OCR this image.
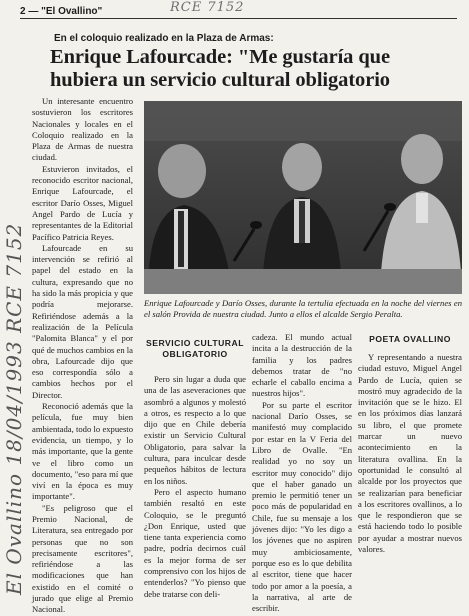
2 — "El Ovallino"	RCE 7152
El Ovallino 18/04/1993 RCE 7152
En el coloquio realizado en la Plaza de Armas:
Enrique Lafourcade: "Me gustaría que hubiera un servicio cultural obligatorio

Un interesante encuentro sostuvieron los escritores Nacionales y locales en el Coloquio realizado en la Plaza de Armas de nuestra ciudad.

Estuvieron invitados, el reconocido escritor nacional, Enrique Lafourcade, el escritor Darío Osses, Miguel Angel Pardo de Lucía y representantes de la Editorial Pacífico Patricia Reyes.

Lafourcade en su intervención se refirió al papel del estado en la cultura, expresando que no ha sido la más propicia y que podría mejorarse. Refiriéndose además a la realización de la Película "Palomita Blanca" y el por qué de muchos cambios en la obra, Lafourcade dijo que eso correspondía sólo a cambios hechos por el Director.

Reconoció además que la película, fue muy bien ambientada, todo lo expuesto evidencia, un tiempo, y lo más importante, que la gente ve el libro como un documento, "eso para mí que viví en la época es muy importante".

"Es peligroso que el Premio Nacional, de Literatura, sea entregado por personas que no son precisamente escritores", refiriéndose a las modificaciones que han existido en el comité o jurado que elige al Premio Nacional.

Enrique Lafourcade y Darío Osses, durante la tertulia efectuada en la noche del viernes en el salón Provida de nuestra ciudad. Junto a ellos el alcalde Sergio Peralta.
SERVICIO CULTURAL OBLIGATORIO

Pero sin lugar a duda que una de las aseveraciones que asombró a algunos y molestó a otros, es respecto a lo que dijo que en Chile debería existir un Servicio Cultural Obligatorio, para salvar la cultura, para inculcar desde pequeños hábitos de lectura en los niños.

Pero el aspecto humano también resaltó en este Coloquio, se le preguntó ¿Don Enrique, usted que tiene tanta experiencia como padre, podría decirnos cuál es la mejor forma de ser comprensivo con los hijos de entenderlos? "Yo pienso que debe tratarse con deli-

cadeza. El mundo actual incita a la destrucción de la familia y los padres debemos tratar de "no echarle el caballo encima a nuestros hijos".

Por su parte el escritor nacional Darío Osses, se manifestó muy complacido por estar en la V Feria del Libro de Ovalle. "En realidad yo no soy un escritor muy conocido" dijo que el haber ganado un premio le permitió tener un poco más de popularidad en Chile, fue su mensaje a los jóvenes dijo: "Yo les digo a los jóvenes que no aspiren muy ambiciosamente, porque eso es lo que debilita al escritor, tiene que hacer todo por amor a la poesía, a la narrativa, al arte de escribir.

POETA OVALLINO

Y representando a nuestra ciudad estuvo, Miguel Angel Pardo de Lucía, quien se mostró muy agradecido de la invitación que se le hizo. El en los próximos días lanzará su libro, el que promete marcar un nuevo acontecimiento en la literatura ovallina. En la oportunidad le consultó al alcalde por los proyectos que se realizarían para beneficiar a los escritores ovallinos, a lo que le respondieron que se está haciendo todo lo posible por ayudar a mostrar nuevos valores.
